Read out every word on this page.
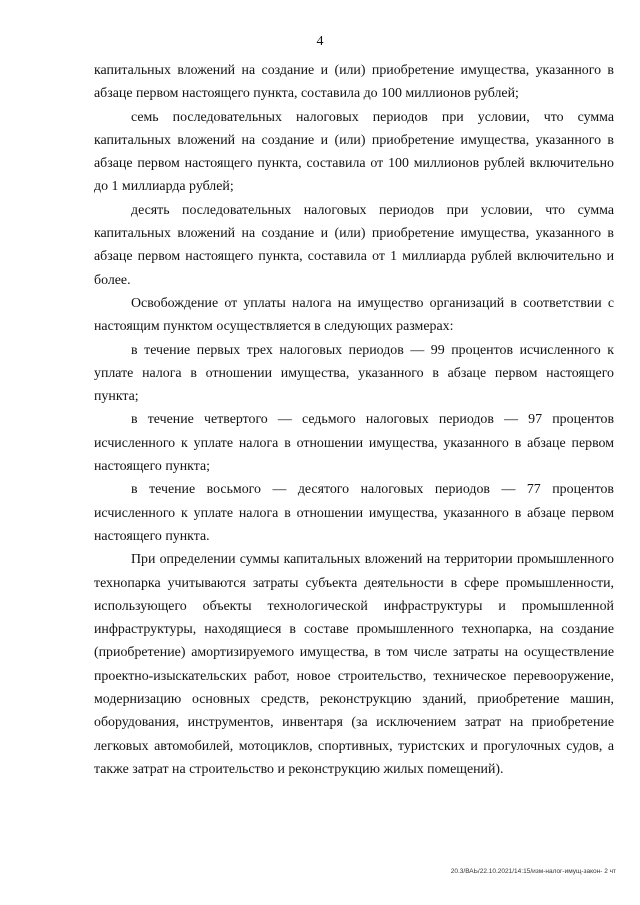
4

капитальных вложений на создание и (или) приобретение имущества, указанного в абзаце первом настоящего пункта, составила до 100 миллионов рублей;

семь последовательных налоговых периодов при условии, что сумма капитальных вложений на создание и (или) приобретение имущества, указанного в абзаце первом настоящего пункта, составила от 100 миллионов рублей включительно до 1 миллиарда рублей;

десять последовательных налоговых периодов при условии, что сумма капитальных вложений на создание и (или) приобретение имущества, указанного в абзаце первом настоящего пункта, составила от 1 миллиарда рублей включительно и более.

Освобождение от уплаты налога на имущество организаций в соответствии с настоящим пунктом осуществляется в следующих размерах:

в течение первых трех налоговых периодов — 99 процентов исчисленного к уплате налога в отношении имущества, указанного в абзаце первом настоящего пункта;

в течение четвертого — седьмого налоговых периодов — 97 процентов исчисленного к уплате налога в отношении имущества, указанного в абзаце первом настоящего пункта;

в течение восьмого — десятого налоговых периодов — 77 процентов исчисленного к уплате налога в отношении имущества, указанного в абзаце первом настоящего пункта.

При определении суммы капитальных вложений на территории промышленного технопарка учитываются затраты субъекта деятельности в сфере промышленности, использующего объекты технологической инфраструктуры и промышленной инфраструктуры, находящиеся в составе промышленного технопарка, на создание (приобретение) амортизируемого имущества, в том числе затраты на осуществление проектно-изыскательских работ, новое строительство, техническое перевооружение, модернизацию основных средств, реконструкцию зданий, приобретение машин, оборудования, инструментов, инвентаря (за исключением затрат на приобретение легковых автомобилей, мотоциклов, спортивных, туристских и прогулочных судов, а также затрат на строительство и реконструкцию жилых помещений).

20.3/ВАЬ/22.10.2021/14:15/изм-налог-имущ-закон- 2 чт
